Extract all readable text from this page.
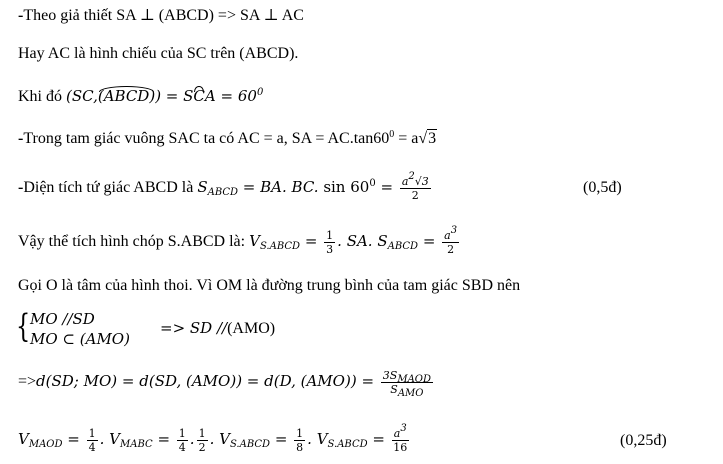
-Theo giả thiết SA ⊥ (ABCD) => SA ⊥ AC
Hay AC là hình chiếu của SC trên (ABCD).
Khi đó (SC,(ABCD)) = SCA = $60^0$
-Trong tam giác vuông SAC ta có AC = a, SA = $AC.\tan 60^0 = a√3$
-Diện tích tứ giác ABCD là $S_{ABCD}$ = BA. BC. $\sin 60^0 = \frac{a^2√3}{2}$	(0,5đ)
Vậy thể tích hình chóp S.ABCD là: $V_{S.ABCD} = \frac{1}{3}$ . SA. $S_{ABCD} = \frac{a^3}{2}$
Gọi O là tâm của hình thoi. Vì OM là đường trung bình của tam giác SBD nên
{ MO //SD
MO ⊂ (AMO)
=> SD //(AMO)
=>d(SD; MO) = d(SD, (AMO)) = d(D, $(AMO)) = \frac{3S_{MAOD}}{S_{AMO}}$
$V_{MAOD} = \frac{1}{4}$ . $V_{MABC} = \frac{1}{4}$ . $\frac{1}{2}$ . $V_{S.ABCD} = \frac{1}{8}$ . $V_{S.ABCD} = \frac{a^3}{16}$	(0,25đ)
